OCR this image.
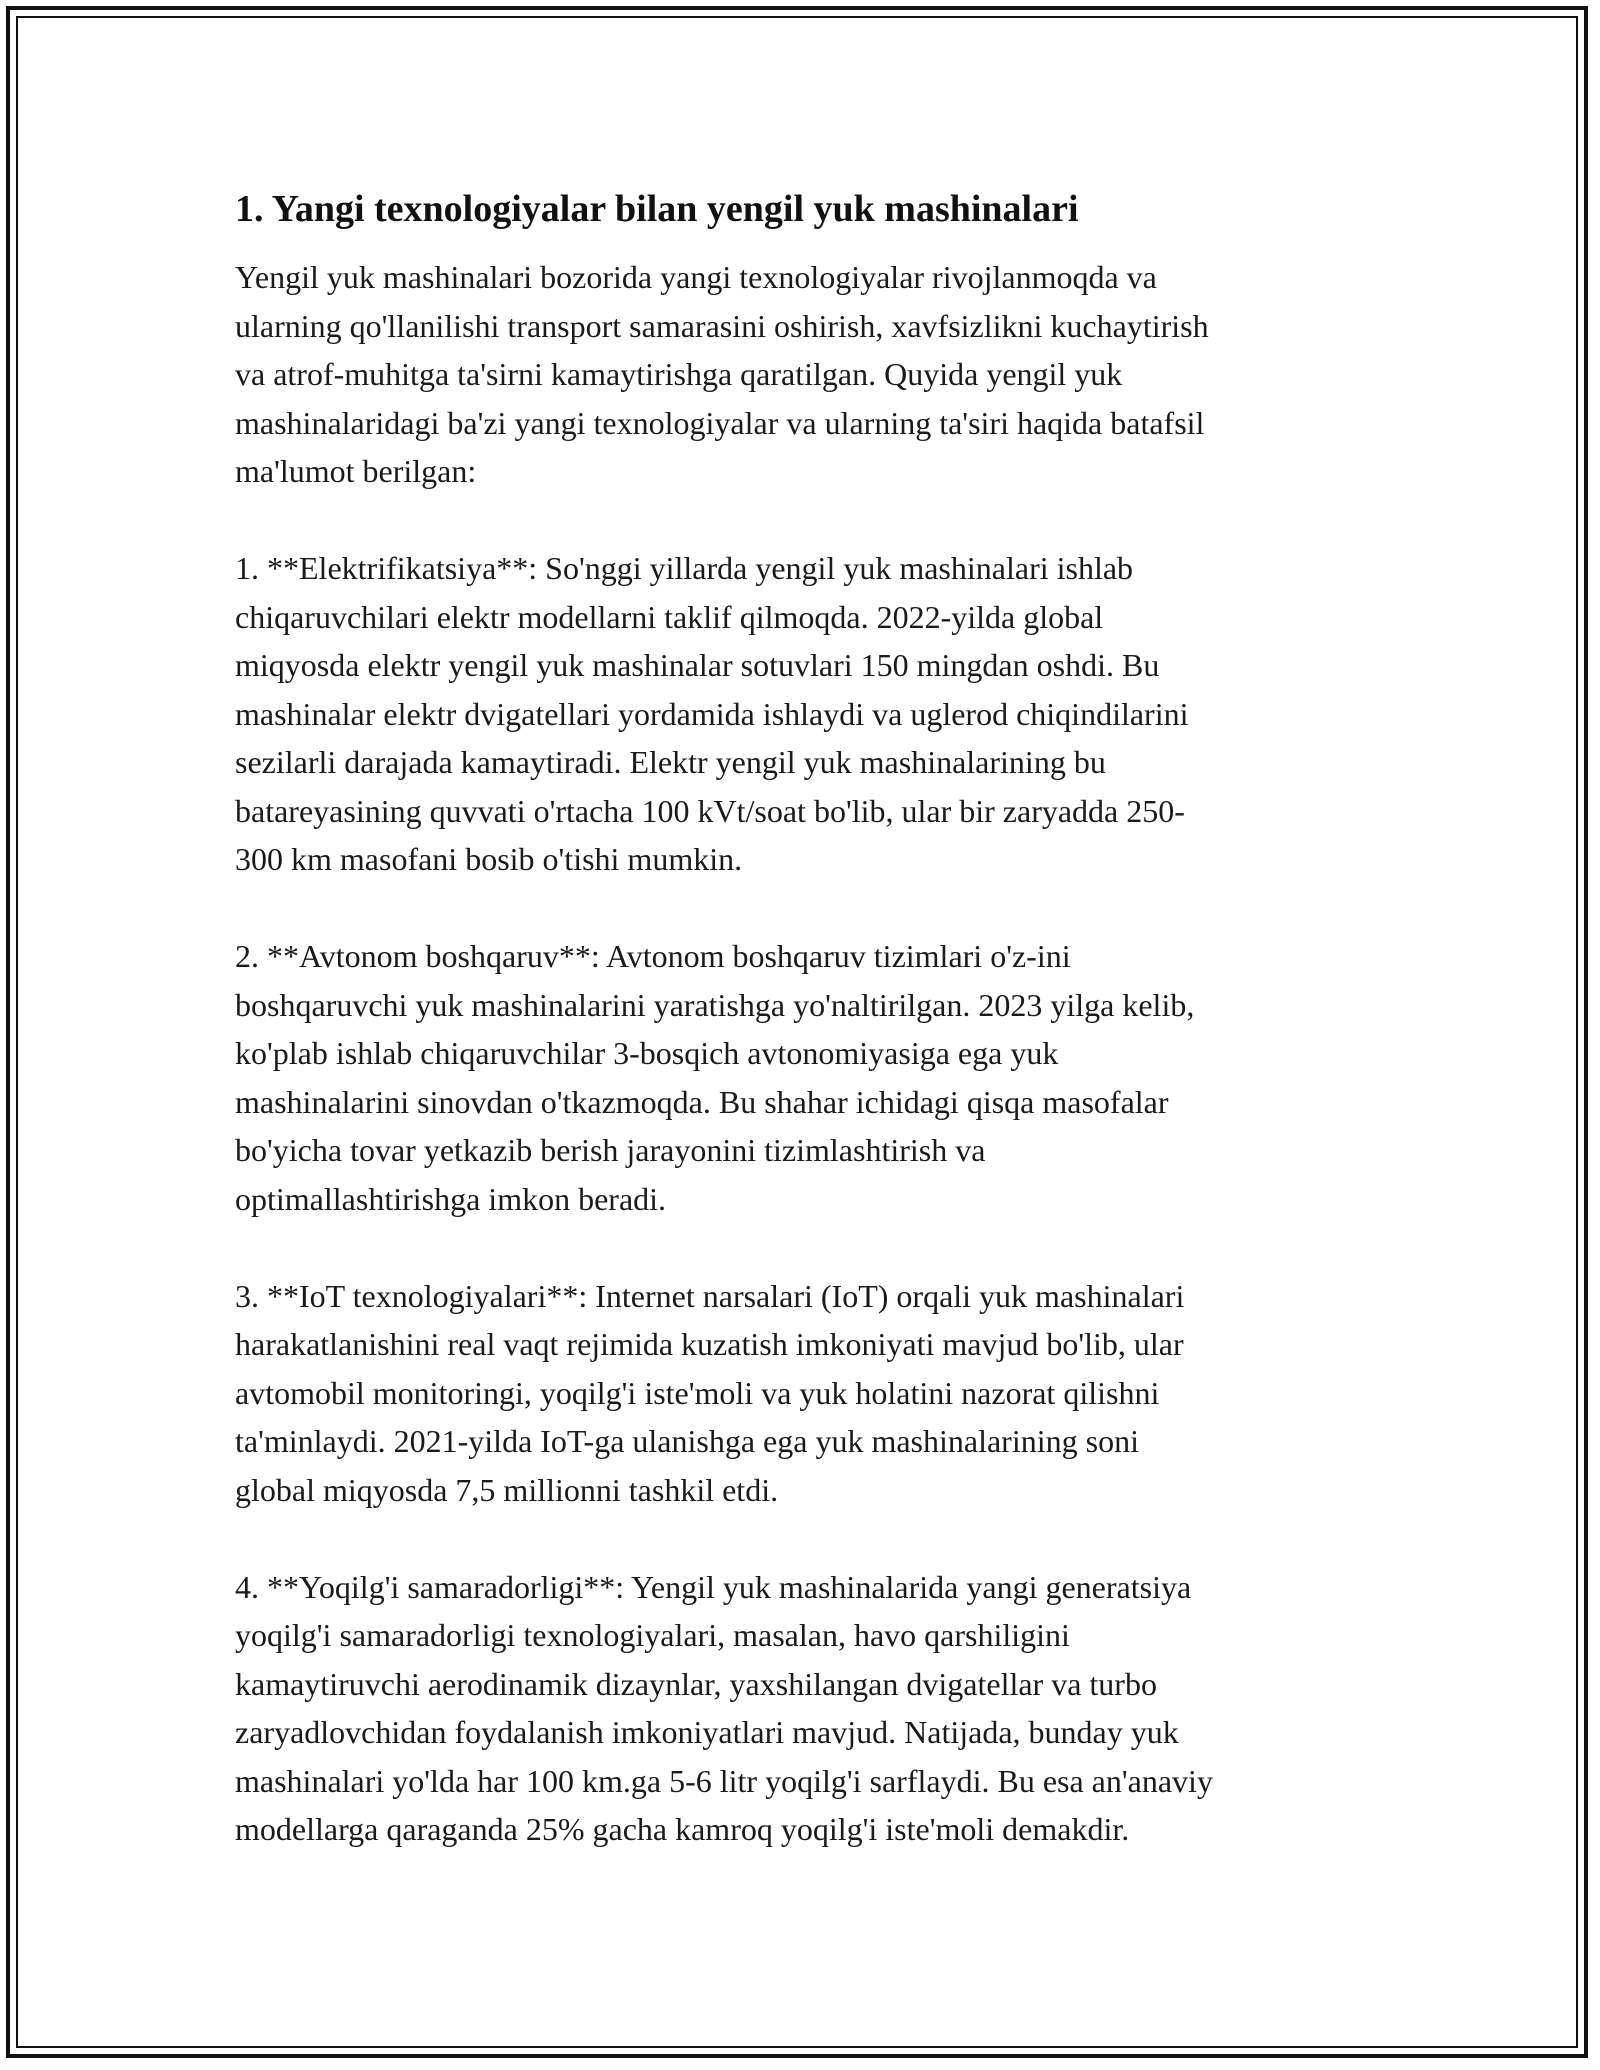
1. Yangi texnologiyalar bilan yengil yuk mashinalari

Yengil yuk mashinalari bozorida yangi texnologiyalar rivojlanmoqda va
ularning qo'llanilishi transport samarasini oshirish, xavfsizlikni kuchaytirish
va atrof-muhitga ta'sirni kamaytirishga qaratilgan. Quyida yengil yuk
mashinalaridagi ba'zi yangi texnologiyalar va ularning ta'siri haqida batafsil
ma'lumot berilgan:

1. **Elektrifikatsiya**: So'nggi yillarda yengil yuk mashinalari ishlab
chiqaruvchilari elektr modellarni taklif qilmoqda. 2022-yilda global
miqyosda elektr yengil yuk mashinalar sotuvlari 150 mingdan oshdi. Bu
mashinalar elektr dvigatellari yordamida ishlaydi va uglerod chiqindilarini
sezilarli darajada kamaytiradi. Elektr yengil yuk mashinalarining bu
batareyasining quvvati o'rtacha 100 kVt/soat bo'lib, ular bir zaryadda 250-
300 km masofani bosib o'tishi mumkin.

2. **Avtonom boshqaruv**: Avtonom boshqaruv tizimlari o'z-ini
boshqaruvchi yuk mashinalarini yaratishga yo'naltirilgan. 2023 yilga kelib,
ko'plab ishlab chiqaruvchilar 3-bosqich avtonomiyasiga ega yuk
mashinalarini sinovdan o'tkazmoqda. Bu shahar ichidagi qisqa masofalar
bo'yicha tovar yetkazib berish jarayonini tizimlashtirish va
optimallashtirishga imkon beradi.

3. **IoT texnologiyalari**: Internet narsalari (IoT) orqali yuk mashinalari
harakatlanishini real vaqt rejimida kuzatish imkoniyati mavjud bo'lib, ular
avtomobil monitoringi, yoqilg'i iste'moli va yuk holatini nazorat qilishni
ta'minlaydi. 2021-yilda IoT-ga ulanishga ega yuk mashinalarining soni
global miqyosda 7,5 millionni tashkil etdi.

4. **Yoqilg'i samaradorligi**: Yengil yuk mashinalarida yangi generatsiya
yoqilg'i samaradorligi texnologiyalari, masalan, havo qarshiligini
kamaytiruvchi aerodinamik dizaynlar, yaxshilangan dvigatellar va turbo
zaryadlovchidan foydalanish imkoniyatlari mavjud. Natijada, bunday yuk
mashinalari yo'lda har 100 km.ga 5-6 litr yoqilg'i sarflaydi. Bu esa an'anaviy
modellarga qaraganda 25% gacha kamroq yoqilg'i iste'moli demakdir.
